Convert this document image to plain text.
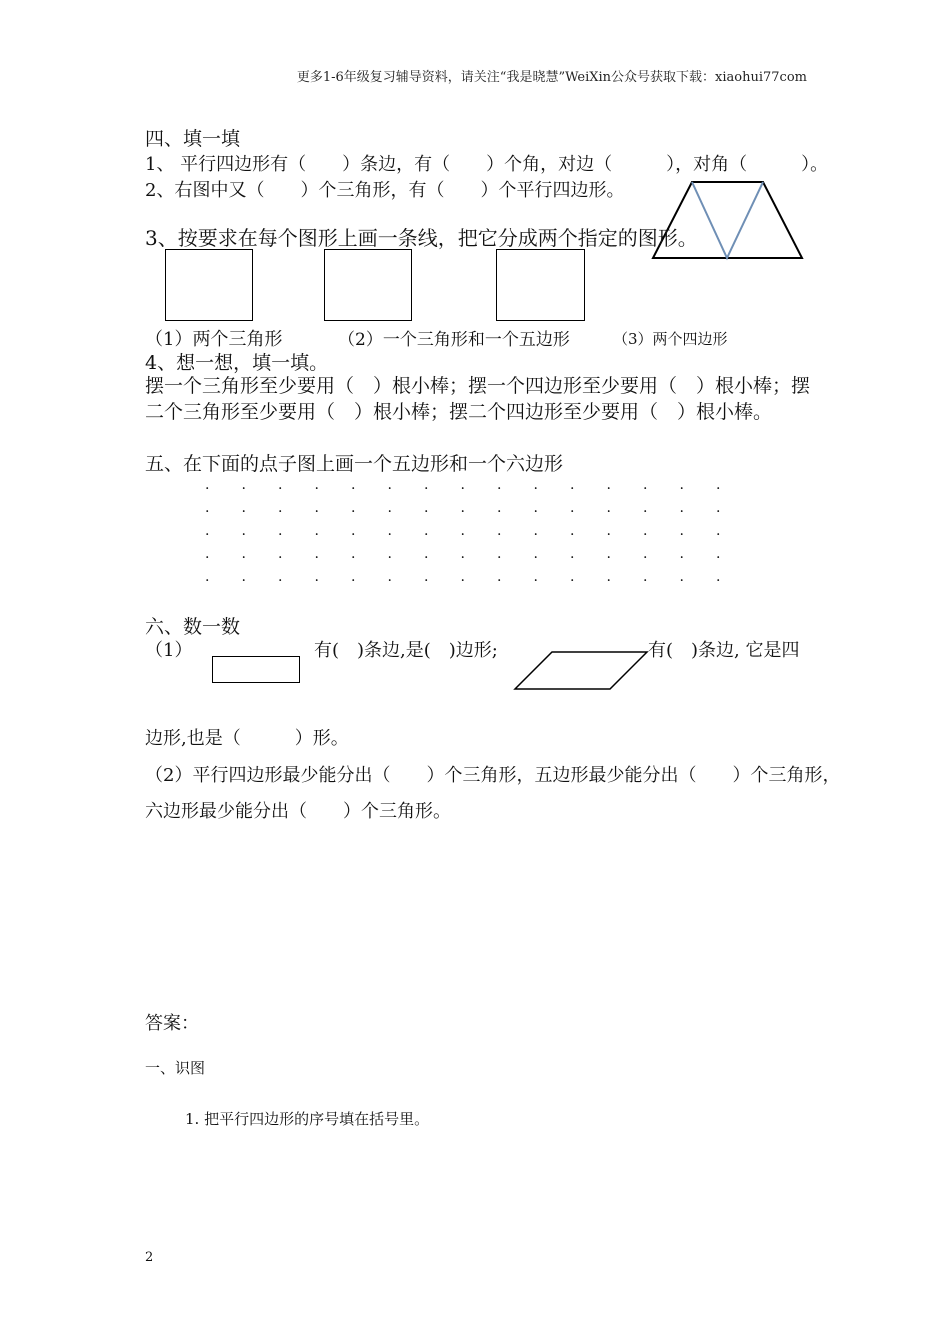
更多1-6年级复习辅导资料，请关注“我是晓慧”WeiXin公众号获取下载：xiaohui77com
四、填一填
1、 平行四边形有（　　）条边，有（　　）个角，对边（　　　），对角（　　　）。
2、右图中又（　　）个三角形，有（　　）个平行四边形。
3、按要求在每个图形上画一条线，把它分成两个指定的图形。
（1）两个三角形	（2）一个三角形和一个五边形	（3）两个四边形
4、想一想，填一填。
摆一个三角形至少要用（　）根小棒；摆一个四边形至少要用（　）根小棒；摆二个三角形至少要用（　）根小棒；摆二个四边形至少要用（　）根小棒。
五、在下面的点子图上画一个五边形和一个六边形
.	.	.	.	.	.	.	.	.	.	.	.	.	.	.
.	.	.	.	.	.	.	.	.	.	.	.	.	.	.
.	.	.	.	.	.	.	.	.	.	.	.	.	.	.
.	.	.	.	.	.	.	.	.	.	.	.	.	.	.
.	.	.	.	.	.	.	.	.	.	.	.	.	.	.
六、数一数
（1）	有(　)条边,是(　)边形;	有(　)条边, 它是四
边形,也是（　　　）形。
（2）平行四边形最少能分出（　　）个三角形，五边形最少能分出（　　）个三角形，
六边形最少能分出（　　）个三角形。
答案：
一、识图
1. 把平行四边形的序号填在括号里。
2
